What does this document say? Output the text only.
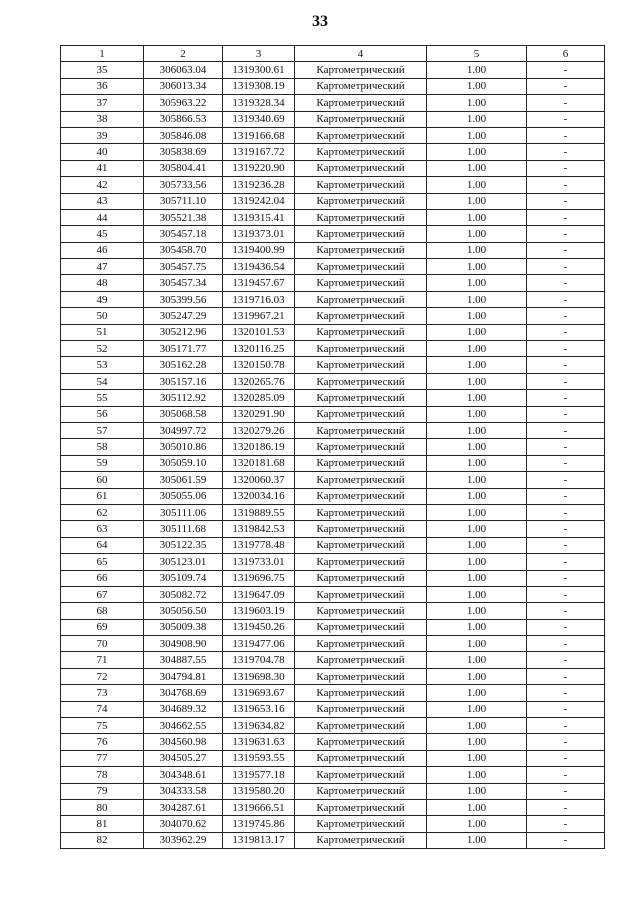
33
1	2	3	4	5	6
35	306063.04	1319300.61	Картометрический	1.00	-
36	306013.34	1319308.19	Картометрический	1.00	-
37	305963.22	1319328.34	Картометрический	1.00	-
38	305866.53	1319340.69	Картометрический	1.00	-
39	305846.08	1319166.68	Картометрический	1.00	-
40	305838.69	1319167.72	Картометрический	1.00	-
41	305804.41	1319220.90	Картометрический	1.00	-
42	305733.56	1319236.28	Картометрический	1.00	-
43	305711.10	1319242.04	Картометрический	1.00	-
44	305521.38	1319315.41	Картометрический	1.00	-
45	305457.18	1319373.01	Картометрический	1.00	-
46	305458.70	1319400.99	Картометрический	1.00	-
47	305457.75	1319436.54	Картометрический	1.00	-
48	305457.34	1319457.67	Картометрический	1.00	-
49	305399.56	1319716.03	Картометрический	1.00	-
50	305247.29	1319967.21	Картометрический	1.00	-
51	305212.96	1320101.53	Картометрический	1.00	-
52	305171.77	1320116.25	Картометрический	1.00	-
53	305162.28	1320150.78	Картометрический	1.00	-
54	305157.16	1320265.76	Картометрический	1.00	-
55	305112.92	1320285.09	Картометрический	1.00	-
56	305068.58	1320291.90	Картометрический	1.00	-
57	304997.72	1320279.26	Картометрический	1.00	-
58	305010.86	1320186.19	Картометрический	1.00	-
59	305059.10	1320181.68	Картометрический	1.00	-
60	305061.59	1320060.37	Картометрический	1.00	-
61	305055.06	1320034.16	Картометрический	1.00	-
62	305111.06	1319889.55	Картометрический	1.00	-
63	305111.68	1319842.53	Картометрический	1.00	-
64	305122.35	1319778.48	Картометрический	1.00	-
65	305123.01	1319733.01	Картометрический	1.00	-
66	305109.74	1319696.75	Картометрический	1.00	-
67	305082.72	1319647.09	Картометрический	1.00	-
68	305056.50	1319603.19	Картометрический	1.00	-
69	305009.38	1319450.26	Картометрический	1.00	-
70	304908.90	1319477.06	Картометрический	1.00	-
71	304887.55	1319704.78	Картометрический	1.00	-
72	304794.81	1319698.30	Картометрический	1.00	-
73	304768.69	1319693.67	Картометрический	1.00	-
74	304689.32	1319653.16	Картометрический	1.00	-
75	304662.55	1319634.82	Картометрический	1.00	-
76	304560.98	1319631.63	Картометрический	1.00	-
77	304505.27	1319593.55	Картометрический	1.00	-
78	304348.61	1319577.18	Картометрический	1.00	-
79	304333.58	1319580.20	Картометрический	1.00	-
80	304287.61	1319666.51	Картометрический	1.00	-
81	304070.62	1319745.86	Картометрический	1.00	-
82	303962.29	1319813.17	Картометрический	1.00	-
